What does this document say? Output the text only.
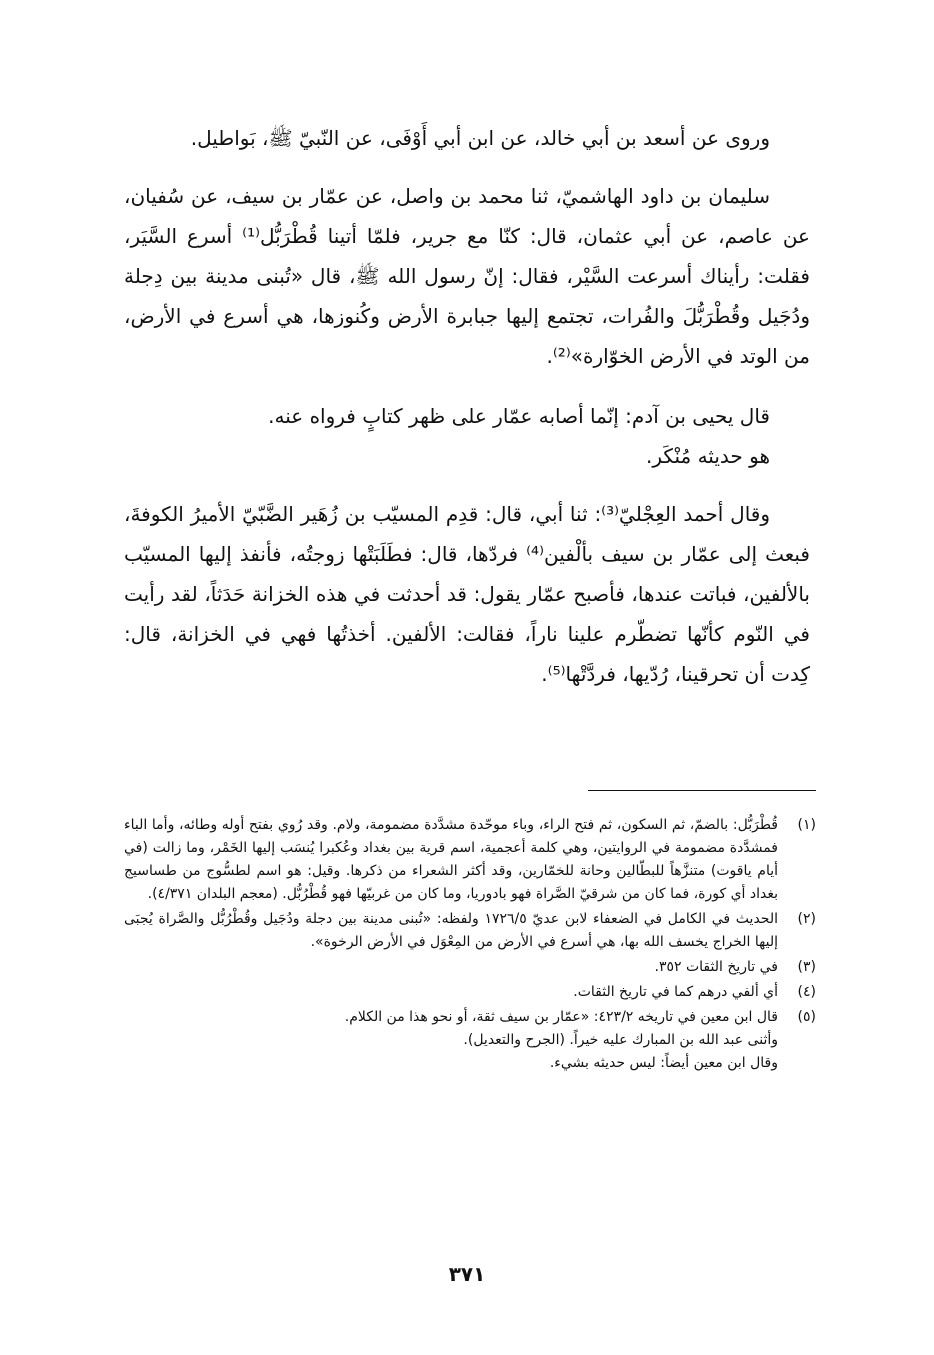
وروى عن أسعد بن أبي خالد، عن ابن أبي أَوْفَى، عن النّبيّ ﷺ، بَواطيل.

سليمان بن داود الهاشميّ، ثنا محمد بن واصل، عن عمّار بن سيف، عن سُفيان، عن عاصم، عن أبي عثمان، قال: كنّا مع جرير، فلمّا أتينا قُطْرَبُّل⁽¹⁾ أسرع السَّيَر، فقلت: رأيناك أسرعت السَّيْر، فقال: إنّ رسول الله ﷺ، قال «تُبنى مدينة بين دِجلة ودُجَيل وقُطْرَبُّلَ والفُرات، تجتمع إليها جبابرة الأرض وكُنوزها، هي أسرع في الأرض، من الوتد في الأرض الخوّارة»⁽²⁾.

قال يحيى بن آدم: إنّما أصابه عمّار على ظهر كتابٍ فرواه عنه.
هو حديثه مُنْكَر.

وقال أحمد العِجْليّ⁽³⁾: ثنا أبي، قال: قدِم المسيّب بن زُهَير الضَّبّيّ الأميرُ الكوفةَ، فبعث إلى عمّار بن سيف بألْفين⁽⁴⁾ فردّها، قال: فطَلَبَتْها زوجتُه، فأنفذ إليها المسيّب بالألفين، فباتت عندها، فأصبح عمّار يقول: قد أحدثت في هذه الخزانة حَدَثاً، لقد رأيت في النّوم كأنّها تضطّرم علينا ناراً، فقالت: الألفين. أخذتُها فهي في الخزانة، قال: كِدت أن تحرقينا، رُدّيها، فردَّتْها⁽⁵⁾.

(١)
قُطْرَبُّل: بالضمّ، ثم السكون، ثم فتح الراء، وباء موحّدة مشدَّدة مضمومة، ولام. وقد رُوي بفتح أوله وطائه، وأما الباء فمشدَّدة مضمومة في الروايتين، وهي كلمة أعجمية، اسم قرية بين بغداد وعُكبرا يُنسَب إليها الخَمْر، وما زالت (في أيام ياقوت) متنزَّهاً للبطّالين وحانة للخمّارين، وقد أكثر الشعراء من ذكرها. وقيل: هو اسم لطسُّوج من طساسيج بغداد أي كورة، فما كان من شرقيّ الصَّراة فهو بادوريا، وما كان من غربيّها فهو قُطْرُبُّل. (معجم البلدان ٤/٣٧١).
(٢)
الحديث في الكامل في الضعفاء لابن عديّ ١٧٢٦/٥ ولفظه: «تُبنى مدينة بين دجلة ودُجَيل وقُطْرُبُّل والصَّراة يُجبَى إليها الخراج يخسف الله بها، هي أسرع في الأرض من المِعْوَل في الأرض الرخوة».
(٣)
في تاريخ الثقات ٣٥٢.
(٤)
أي ألفي درهم كما في تاريخ الثقات.
(٥)
قال ابن معين في تاريخه ٤٢٣/٢: «عمّار بن سيف ثقة، أو نحو هذا من الكلام.
وأثنى عبد الله بن المبارك عليه خيراً. (الجرح والتعديل).
وقال ابن معين أيضاً: ليس حديثه بشيء.
٣٧١
